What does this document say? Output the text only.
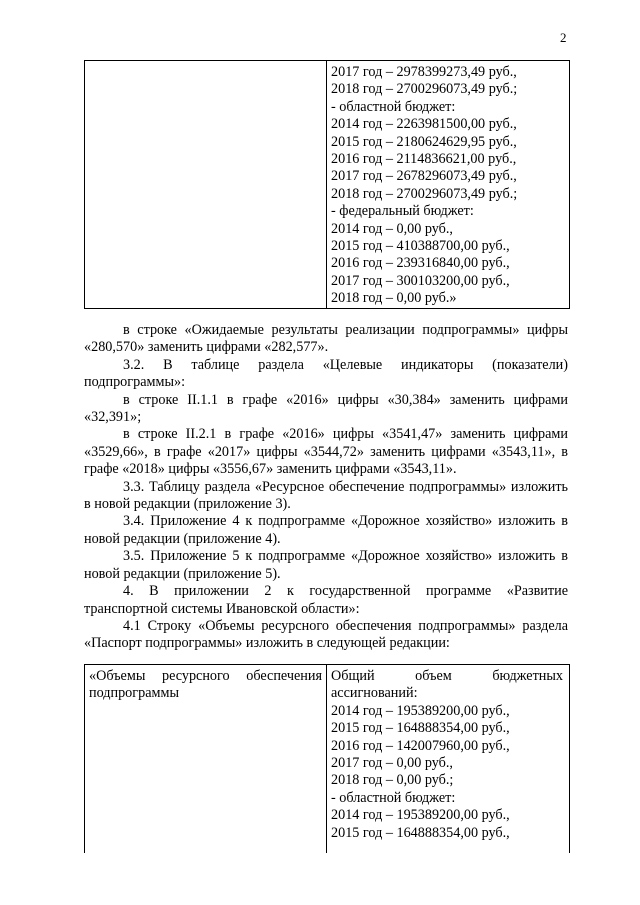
2

2017 год – 2978399273,49 руб.,
2018 год – 2700296073,49 руб.;
- областной бюджет:
2014 год – 2263981500,00 руб.,
2015 год – 2180624629,95 руб.,
2016 год – 2114836621,00 руб.,
2017 год – 2678296073,49 руб.,
2018 год – 2700296073,49 руб.;
- федеральный бюджет:
2014 год – 0,00 руб.,
2015 год – 410388700,00 руб.,
2016 год – 239316840,00 руб.,
2017 год – 300103200,00 руб.,
2018 год – 0,00 руб.»
в строке «Ожидаемые результаты реализации подпрограммы» цифры «280,570» заменить цифрами «282,577».
3.2. В таблице раздела «Целевые индикаторы (показатели) подпрограммы»:
в строке II.1.1 в графе «2016» цифры «30,384» заменить цифрами «32,391»;
в строке II.2.1 в графе «2016» цифры «3541,47» заменить цифрами «3529,66», в графе «2017» цифры «3544,72» заменить цифрами «3543,11», в графе «2018» цифры «3556,67» заменить цифрами «3543,11».
3.3. Таблицу раздела «Ресурсное обеспечение подпрограммы» изложить в новой редакции (приложение 3).
3.4. Приложение 4 к подпрограмме «Дорожное хозяйство» изложить в новой редакции (приложение 4).
3.5. Приложение 5 к подпрограмме «Дорожное хозяйство» изложить в новой редакции (приложение 5).
4. В приложении 2 к государственной программе «Развитие транспортной системы Ивановской области»:
4.1 Строку «Объемы ресурсного обеспечения подпрограммы» раздела «Паспорт подпрограммы» изложить в следующей редакции:
«Объемы ресурсного обеспечения подпрограммы

Общий	объем	бюджетных
ассигнований:
2014 год – 195389200,00 руб.,
2015 год – 164888354,00 руб.,
2016 год – 142007960,00 руб.,
2017 год – 0,00 руб.,
2018 год – 0,00 руб.;
- областной бюджет:
2014 год – 195389200,00 руб.,
2015 год – 164888354,00 руб.,
